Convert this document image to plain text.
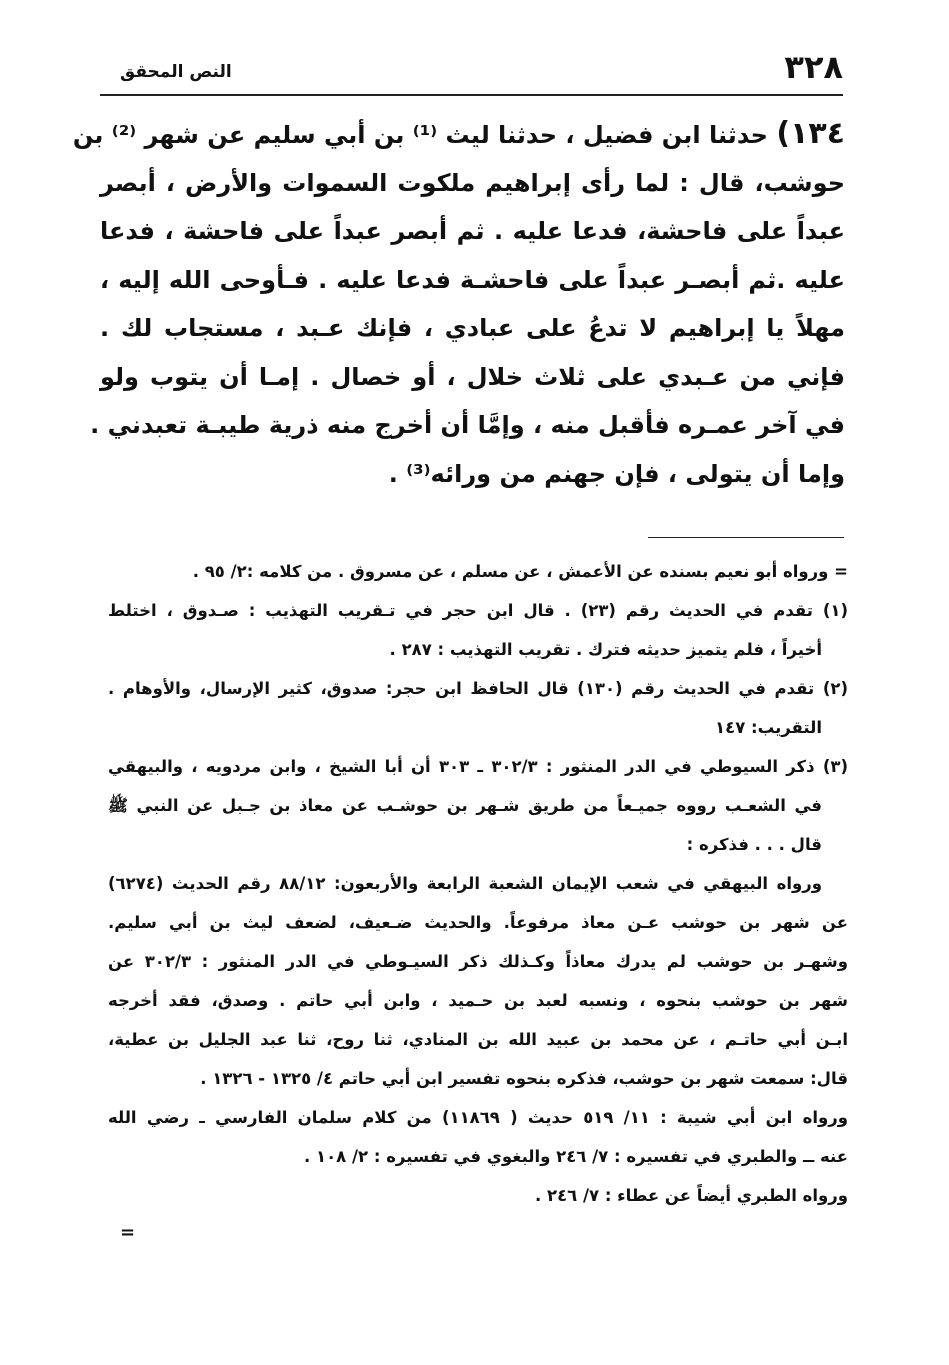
٣٢٨
النص المحقق
١٣٤) حدثنا ابن فضيل ، حدثنا ليث ⁽¹⁾ بن أبي سليم عن شهر ⁽²⁾ بن
حوشب، قال : لما رأى إبراهيم ملكوت السموات والأرض ، أبصر
عبداً على فاحشة، فدعا عليه . ثم أبصر عبداً على فاحشة ، فدعا
عليه .ثم أبصـر عبداً على فاحشـة فدعا عليه . فـأوحى الله إليه ،
مهلاً يا إبراهيم لا تدعُ على عبادي ، فإنك عـبد ، مستجاب لك .
فإني من عـبدي على ثلاث خلال ، أو خصال . إمـا أن يتوب ولو
في آخر عمـره فأقبل منه ، وإمَّا أن أخرج منه ذرية طيبـة تعبدني .
وإما أن يتولى ، فإن جهنم من ورائه⁽³⁾ .
= ورواه أبو نعيم بسنده عن الأعمش ، عن مسلم ، عن مسروق . من كلامه :٢/ ٩٥ .
(١) تقدم في الحديث رقم (٢٣) . قال ابن حجر في تـقريب التهذيب : صـدوق ، اختلط
أخيراً ، فلم يتميز حديثه فترك . تقريب التهذيب : ٢٨٧ .
(٢) تقدم في الحديث رقم (١٣٠) قال الحافظ ابن حجر: صدوق، كثير الإرسال، والأوهام .
التقريب: ١٤٧
(٣) ذكر السيوطي في الدر المنثور : ٣٠٢/٣ ـ ٣٠٣ أن أبا الشيخ ، وابن مردويه ، والبيهقي
في الشعـب رووه جميـعاً من طريق شـهر بن حوشـب عن معاذ بن جـبل عن النبي ﷺ
قال . . . فذكره :
ورواه البيهقي في شعب الإيمان الشعبة الرابعة والأربعون: ٨٨/١٢ رقم الحديث (٦٢٧٤)
عن شهر بن حوشب عـن معاذ مرفوعاً. والحديث ضـعيف، لضعف ليث بن أبي سليم.
وشهـر بن حوشب لم يدرك معاذاً وكـذلك ذكر السيـوطي في الدر المنثور : ٣٠٢/٣ عن
شهر بن حوشب بنحوه ، ونسبه لعبد بن حـميد ، وابن أبي حاتم . وصدق، فقد أخرجه
ابـن أبي حاتـم ، عن محمد بن عبيد الله بن المنادي، ثنا روح، ثنا عبد الجليل بن عطية،
قال: سمعت شهر بن حوشب، فذكره بنحوه تفسير ابن أبي حاتم ٤/ ١٣٢٥ - ١٣٢٦ .
ورواه ابن أبي شيبة : ١١/ ٥١٩ حديث ( ١١٨٦٩) من كلام سلمان الفارسي ـ رضي الله
عنه ــ والطبري في تفسيره : ٧/ ٢٤٦ والبغوي في تفسيره : ٢/ ١٠٨ .
ورواه الطبري أيضاً عن عطاء : ٧/ ٢٤٦ .
=
